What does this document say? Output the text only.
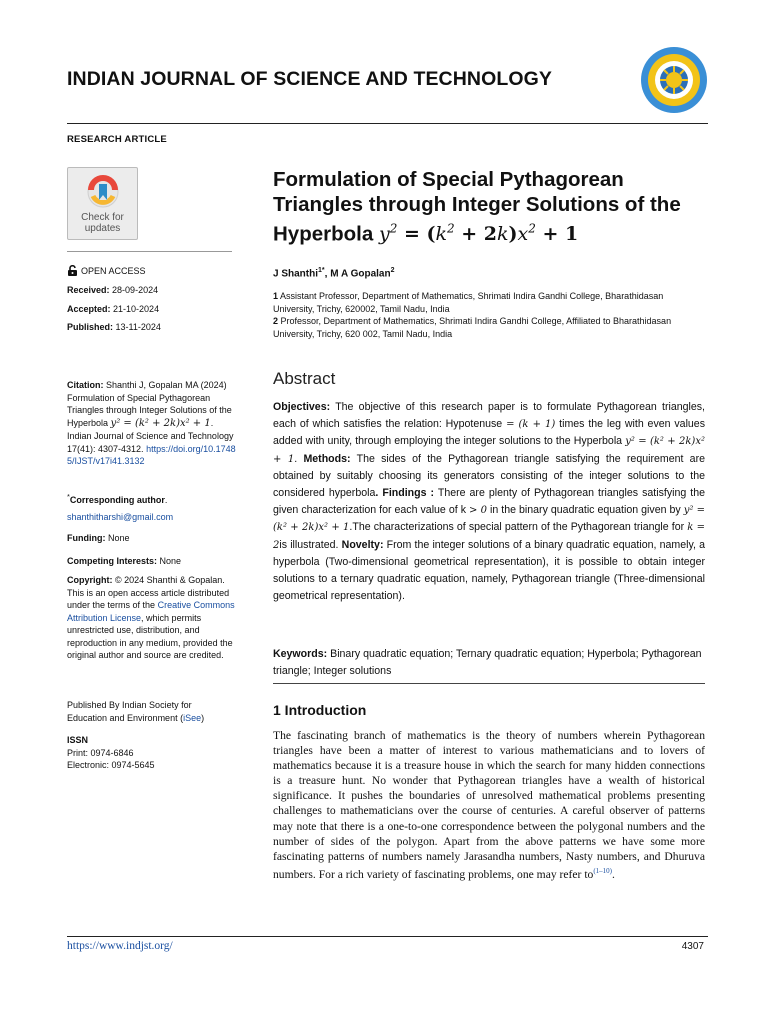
INDIAN JOURNAL OF SCIENCE AND TECHNOLOGY
RESEARCH ARTICLE
Check for
updates
OPEN ACCESS
Received: 28-09-2024
Accepted: 21-10-2024
Published: 13-11-2024
Citation: Shanthi J, Gopalan MA (2024) Formulation of Special Pythagorean Triangles through Integer Solutions of the Hyperbola y² = (k² + 2k)x² + 1. Indian Journal of Science and Technology 17(41): 4307-4312. https://doi.org/10.17485/IJST/v17i41.3132
*Corresponding author.
shanthitharshi@gmail.com
Funding: None
Competing Interests: None
Copyright: © 2024 Shanthi & Gopalan. This is an open access article distributed under the terms of the Creative Commons Attribution License, which permits unrestricted use, distribution, and reproduction in any medium, provided the original author and source are credited.
Published By Indian Society for Education and Environment (iSee)
ISSN
Print: 0974-6846
Electronic: 0974-5645
Formulation of Special Pythagorean Triangles through Integer Solutions of the Hyperbola $y^2 = (k^2 + 2k)x^2 + 1$
J Shanthi$^{1*}$, M A Gopalan$^2$
1 Assistant Professor, Department of Mathematics, Shrimati Indira Gandhi College, Bharathidasan University, Trichy, 620002, Tamil Nadu, India
2 Professor, Department of Mathematics, Shrimati Indira Gandhi College, Affiliated to Bharathidasan University, Trichy, 620 002, Tamil Nadu, India
Abstract
Objectives: The objective of this research paper is to formulate Pythagorean triangles, each of which satisfies the relation: Hypotenuse = (k + 1) times the leg with even values added with unity, through employing the integer solutions to the Hyperbola y² = (k² + 2k)x² + 1. Methods: The sides of the Pythagorean triangle satisfying the requirement are obtained by suitably choosing its generators consisting of the integer solutions to the considered hyperbola. Findings : There are plenty of Pythagorean triangles satisfying the given characterization for each value of k > 0 in the binary quadratic equation given by y² = (k² + 2k)x² + 1.The characterizations of special pattern of the Pythagorean triangle for k = 2is illustrated. Novelty: From the integer solutions of a binary quadratic equation, namely, a hyperbola (Two-dimensional geometrical representation), it is possible to obtain integer solutions to a ternary quadratic equation, namely, Pythagorean triangle (Three-dimensional geometrical representation).
Keywords: Binary quadratic equation; Ternary quadratic equation; Hyperbola; Pythagorean triangle; Integer solutions
1 Introduction
The fascinating branch of mathematics is the theory of numbers wherein Pythagorean triangles have been a matter of interest to various mathematicians and to lovers of mathematics because it is a treasure house in which the search for many hidden connections is a treasure hunt. No wonder that Pythagorean triangles have a wealth of historical significance. It pushes the boundaries of unresolved mathematical problems presenting challenges to mathematicians over the course of centuries. A careful observer of patterns may note that there is a one-to-one correspondence between the polygonal numbers and the number of sides of the polygon. Apart from the above patterns we have some more fascinating patterns of numbers namely Jarasandha numbers, Nasty numbers, and Dhuruva numbers. For a rich variety of fascinating problems, one may refer $to^{(1-10)}$.
https://www.indjst.org/	4307
